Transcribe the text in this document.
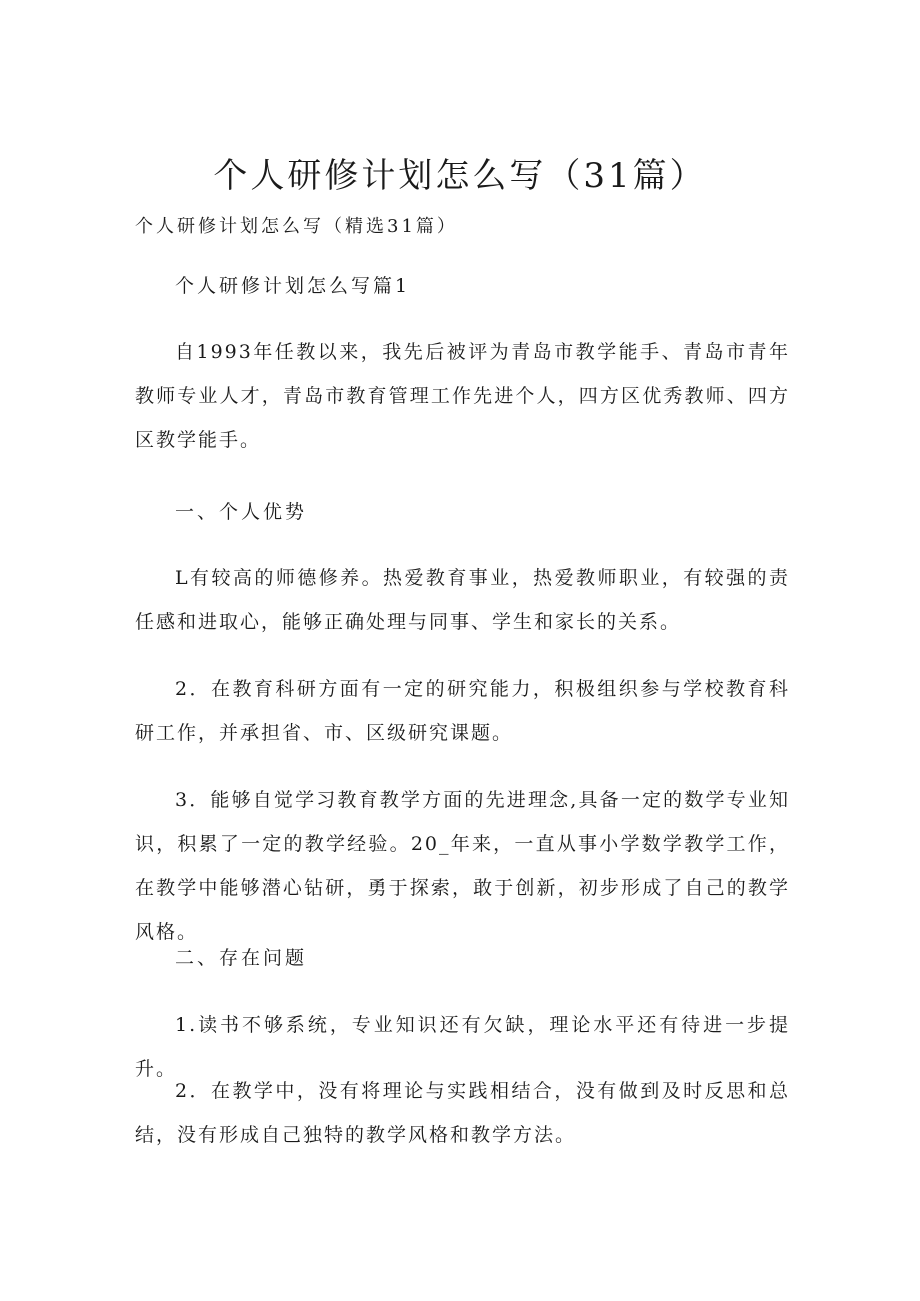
个人研修计划怎么写（31篇）
个人研修计划怎么写（精选31篇）
个人研修计划怎么写篇1
自1993年任教以来，我先后被评为青岛市教学能手、青岛市青年教师专业人才，青岛市教育管理工作先进个人，四方区优秀教师、四方区教学能手。
一、个人优势
L有较高的师德修养。热爱教育事业，热爱教师职业，有较强的责任感和进取心，能够正确处理与同事、学生和家长的关系。
2．在教育科研方面有一定的研究能力，积极组织参与学校教育科研工作，并承担省、市、区级研究课题。
3．能够自觉学习教育教学方面的先进理念,具备一定的数学专业知识，积累了一定的教学经验。20_年来，一直从事小学数学教学工作，在教学中能够潜心钻研，勇于探索，敢于创新，初步形成了自己的教学风格。
二、存在问题
1.读书不够系统，专业知识还有欠缺，理论水平还有待进一步提升。
2．在教学中，没有将理论与实践相结合，没有做到及时反思和总结，没有形成自己独特的教学风格和教学方法。
